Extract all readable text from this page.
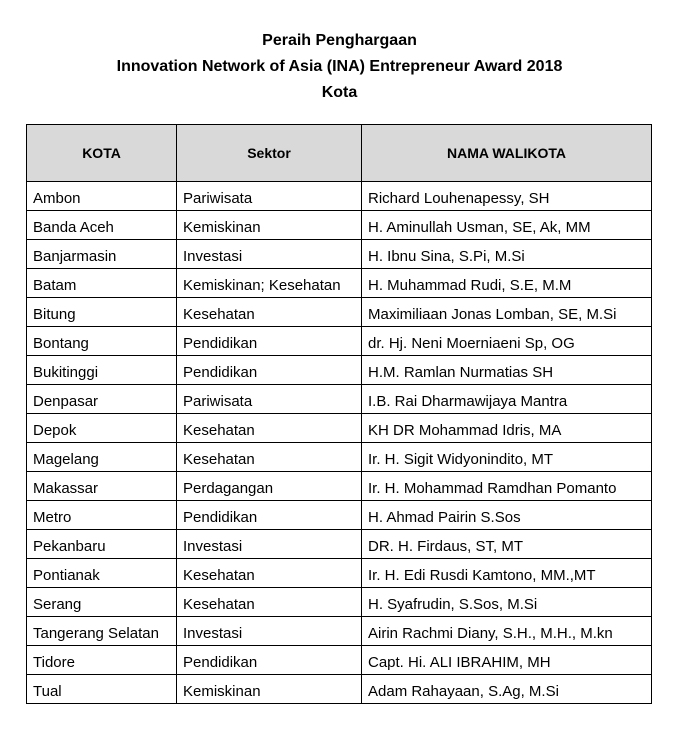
Peraih Penghargaan
Innovation Network of Asia (INA) Entrepreneur Award 2018
Kota
KOTA	Sektor	NAMA WALIKOTA
Ambon	Pariwisata	Richard Louhenapessy, SH
Banda Aceh	Kemiskinan	H. Aminullah Usman, SE, Ak, MM
Banjarmasin	Investasi	H. Ibnu Sina, S.Pi, M.Si
Batam	Kemiskinan; Kesehatan	H. Muhammad Rudi, S.E, M.M
Bitung	Kesehatan	Maximiliaan Jonas Lomban, SE, M.Si
Bontang	Pendidikan	dr. Hj. Neni Moerniaeni Sp, OG
Bukitinggi	Pendidikan	H.M. Ramlan Nurmatias SH
Denpasar	Pariwisata	I.B. Rai Dharmawijaya Mantra
Depok	Kesehatan	KH DR Mohammad Idris, MA
Magelang	Kesehatan	Ir. H. Sigit Widyonindito, MT
Makassar	Perdagangan	Ir. H. Mohammad Ramdhan Pomanto
Metro	Pendidikan	H. Ahmad Pairin S.Sos
Pekanbaru	Investasi	DR. H. Firdaus, ST, MT
Pontianak	Kesehatan	Ir. H. Edi Rusdi Kamtono, MM.,MT
Serang	Kesehatan	H. Syafrudin, S.Sos, M.Si
Tangerang Selatan	Investasi	Airin Rachmi Diany, S.H., M.H., M.kn
Tidore	Pendidikan	Capt. Hi. ALI IBRAHIM, MH
Tual	Kemiskinan	Adam Rahayaan, S.Ag, M.Si
